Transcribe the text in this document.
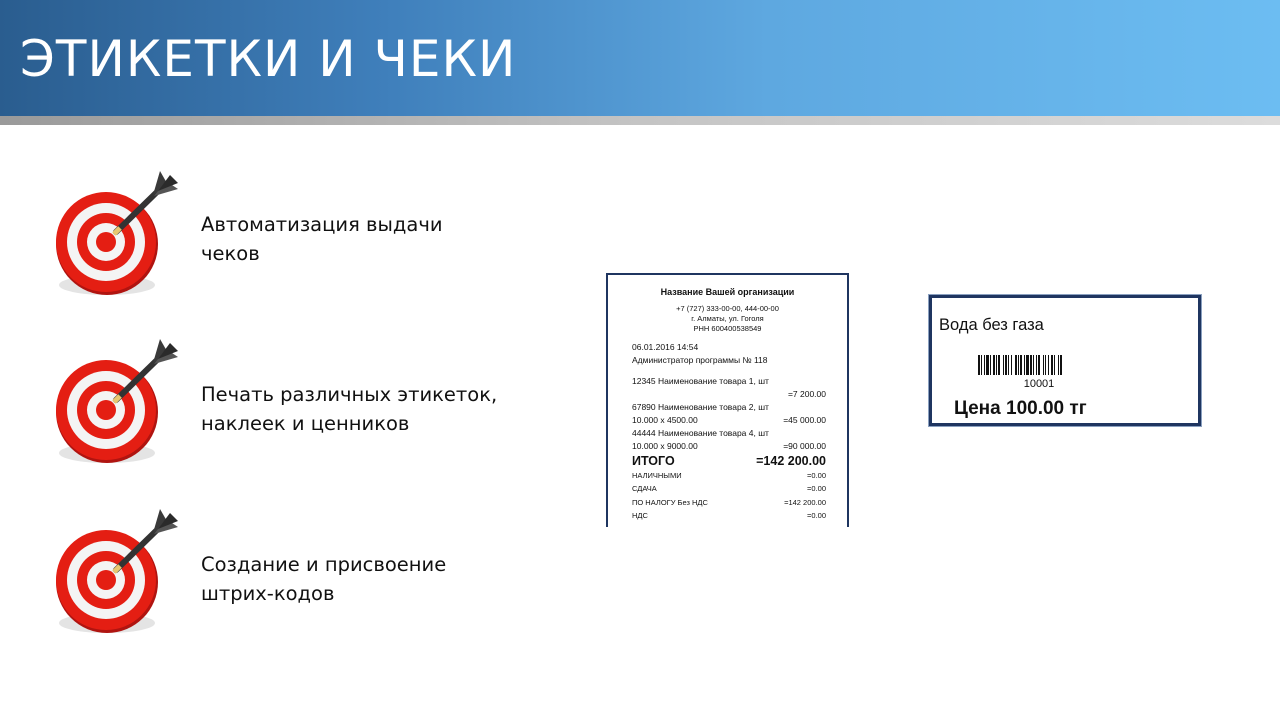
ЭТИКЕТКИ И ЧЕКИ
Автоматизация выдачи
чеков
Печать различных этикеток,
наклеек и ценников
Создание и присвоение
штрих-кодов
Название Вашей организации
+7 (727) 333-00-00, 444-00-00
г. Алматы, ул. Гоголя
РНН 600400538549
06.01.2016 14:54
Администратор программы № 118
12345 Наименование товара 1, шт
=7 200.00
67890 Наименование товара 2, шт
10.000 x 4500.00	=45 000.00
44444 Наименование товара 4, шт
10.000 x 9000.00	=90 000.00
ИТОГО	=142 200.00
НАЛИЧНЫМИ	=0.00
СДАЧА	=0.00
ПО НАЛОГУ Без НДС	=142 200.00
НДС	=0.00
Вода без газа
10001
Цена 100.00 тг
